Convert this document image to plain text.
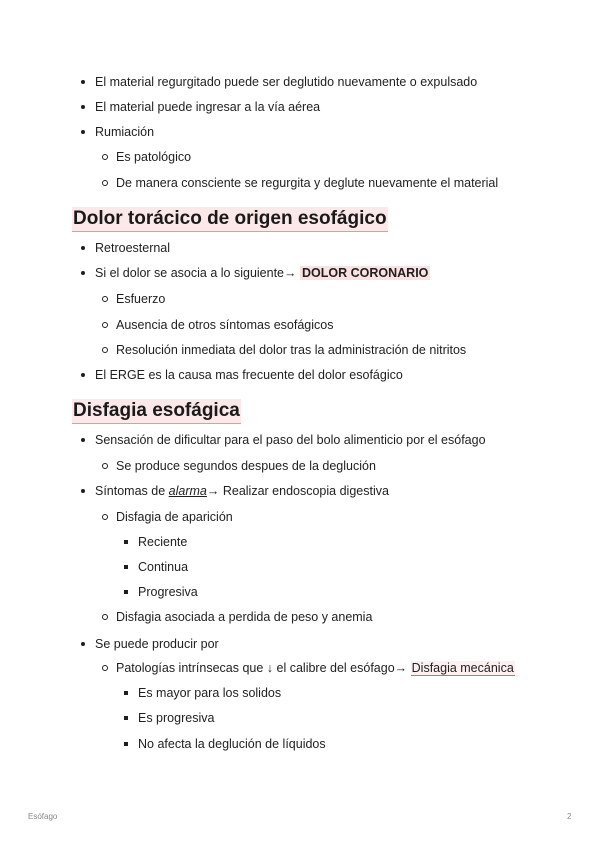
El material regurgitado puede ser deglutido nuevamente o expulsado
El material puede ingresar a la vía aérea
Rumiación
Es patológico
De manera consciente se regurgita y deglute nuevamente el material
Dolor torácico de origen esofágico
Retroesternal
Si el dolor se asocia a lo siguiente→ DOLOR CORONARIO
Esfuerzo
Ausencia de otros síntomas esofágicos
Resolución inmediata del dolor tras la administración de nitritos
El ERGE es la causa mas frecuente del dolor esofágico
Disfagia esofágica
Sensación de dificultar para el paso del bolo alimenticio por el esófago
Se produce segundos despues de la deglución
Síntomas de alarma→ Realizar endoscopia digestiva
Disfagia de aparición
Reciente
Continua
Progresiva
Disfagia asociada a perdida de peso y anemia
Se puede producir por
Patologías intrínsecas que ↓ el calibre del esófago→ Disfagia mecánica
Es mayor para los solidos
Es progresiva
No afecta la deglución de líquidos
Esófago	2
